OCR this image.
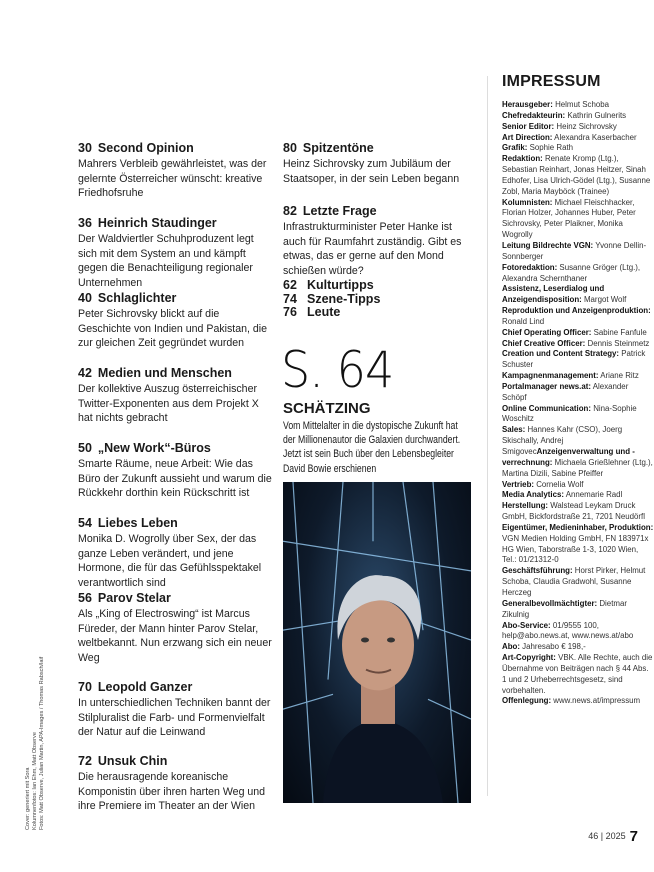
30 Second Opinion
Mahrers Verbleib gewährleistet, was der gelernte Österreicher wünscht: kreative Friedhofsruhe
36 Heinrich Staudinger
Der Waldviertler Schuhproduzent legt sich mit dem System an und kämpft gegen die Benachteiligung regionaler Unternehmen
40 Schlaglichter
Peter Sichrovsky blickt auf die Geschichte von Indien und Pakistan, die zur gleichen Zeit gegründet wurden
42 Medien und Menschen
Der kollektive Auszug österreichischer Twitter-Exponenten aus dem Projekt X hat nichts gebracht
50 „New Work“-Büros
Smarte Räume, neue Arbeit: Wie das Büro der Zukunft aussieht und warum die Rückkehr dorthin kein Rückschritt ist
54 Liebes Leben
Monika D. Wogrolly über Sex, der das ganze Leben verändert, und jene Hormone, die für das Gefühlsspektakel verantwortlich sind
56 Parov Stelar
Als „King of Electroswing“ ist Marcus Füreder, der Mann hinter Parov Stelar, weltbekannt. Nun erzwang sich ein neuer Weg
70 Leopold Ganzer
In unterschiedlichen Techniken bannt der Stilpluralist die Farb- und Formenvielfalt der Natur auf die Leinwand
72 Unsuk Chin
Die herausragende koreanische Komponistin über ihren harten Weg und ihre Premiere im Theater an der Wien
80 Spitzentöne
Heinz Sichrovsky zum Jubiläum der Staatsoper, in der sein Leben begann
82 Letzte Frage
Infrastrukturminister Peter Hanke ist auch für Raumfahrt zuständig. Gibt es etwas, das er gerne auf den Mond schießen würde?
62 Kulturtipps
74 Szene-Tipps
76 Leute
S. 64
SCHÄTZING
Vom Mittelalter in die dystopische Zukunft hat der Millionenautor die Galaxien durchwandert. Jetzt ist sein Buch über den Lebensbegleiter David Bowie erschienen
IMPRESSUM
Herausgeber: Helmut Schoba
Chefredakteurin: Kathrin Gulnerits
Senior Editor: Heinz Sichrovsky
Art Direction: Alexandra Kaserbacher
Grafik: Sophie Rath
Redaktion: Renate Kromp (Ltg.), Sebastian Reinhart, Jonas Heitzer, Sinah Edhofer, Lisa Ulrich-Gödel (Ltg.), Susanne Zobl, Maria Mayböck (Trainee)
Kolumnisten: Michael Fleischhacker, Florian Holzer, Johannes Huber, Peter Sichrovsky, Peter Plaikner, Monika Wogrolly
Leitung Bildrechte VGN: Yvonne Dellin-Sonnberger
Fotoredaktion: Susanne Gröger (Ltg.), Alexandra Schernthaner
Assistenz, Leserdialog und Anzeigendisposition: Margot Wolf
Reproduktion und Anzeigenproduktion: Ronald Lind
Chief Operating Officer: Sabine Fanfule
Chief Creative Officer: Dennis Steinmetz
Creation und Content Strategy: Patrick Schuster
Kampagnenmanagement: Ariane Ritz
Portalmanager news.at: Alexander Schöpf
Online Communication: Nina-Sophie Woschitz
Sales: Hannes Kahr (CSO), Joerg Skischally, Andrej SmigovecAnzeigenverwaltung und -verrechnung: Michaela Grießlehner (Ltg.), Martina Dizili, Sabine Pfeiffer
Vertrieb: Cornelia Wolf
Media Analytics: Annemarie Radl
Herstellung: Walstead Leykam Druck GmbH, Bickfordstraße 21, 7201 Neudörfl
Eigentümer, Medieninhaber, Produktion: VGN Medien Holding GmbH, FN 183971x HG Wien, Taborstraße 1-3, 1020 Wien, Tel.: 01/21312-0
Geschäftsführung: Horst Pirker, Helmut Schoba, Claudia Gradwohl, Susanne Herczeg
Generalbevollmächtigter: Dietmar Zikulnig
Abo-Service: 01/9555 100, help@abo.news.at, www.news.at/abo
Abo: Jahresabo € 198,-
Art-Copyright: VBK. Alle Rechte, auch die Übernahme von Beiträgen nach § 44 Abs. 1 und 2 Urheberrechtsgesetz, sind vorbehalten.
Offenlegung: www.news.at/impressum

Cover: generiert mit Sora Kolumnenfotos: Ian Ehm, Matt Observe Fotos: Matt Observe, Julian Martin, APA-Images / Thomas Rabsch/laif
46 | 2025 7
